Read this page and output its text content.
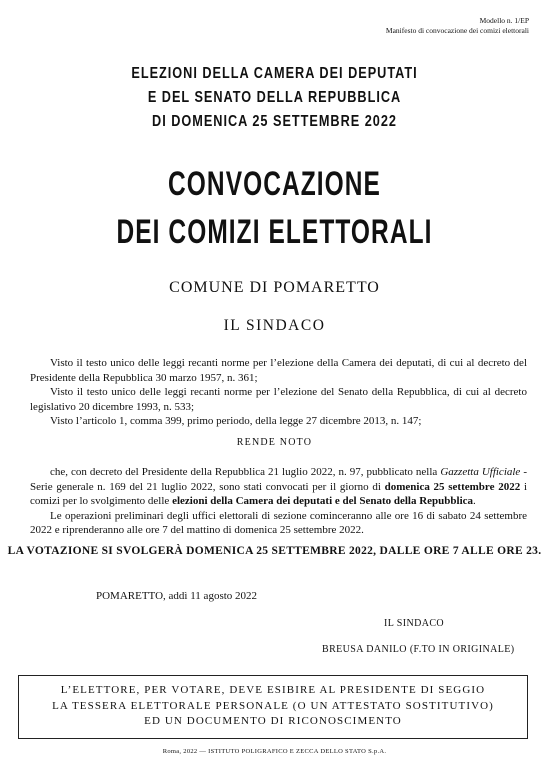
Modello n. 1/EP
Manifesto di convocazione dei comizi elettorali
ELEZIONI DELLA CAMERA DEI DEPUTATI
E DEL SENATO DELLA REPUBBLICA
DI DOMENICA 25 SETTEMBRE 2022
CONVOCAZIONE
DEI COMIZI ELETTORALI
COMUNE DI POMARETTO
IL SINDACO

Visto il testo unico delle leggi recanti norme per l’elezione della Camera dei deputati, di cui al decreto del Presidente della Repubblica 30 marzo 1957, n. 361;

Visto il testo unico delle leggi recanti norme per l’elezione del Senato della Repubblica, di cui al decreto legislativo 20 dicembre 1993, n. 533;

Visto l’articolo 1, comma 399, primo periodo, della legge 27 dicembre 2013, n. 147;

RENDE NOTO

che, con decreto del Presidente della Repubblica 21 luglio 2022, n. 97, pubblicato nella Gazzetta Ufficiale - Serie generale n. 169 del 21 luglio 2022, sono stati convocati per il giorno di domenica 25 settembre 2022 i comizi per lo svolgimento delle elezioni della Camera dei deputati e del Senato della Repubblica.

Le operazioni preliminari degli uffici elettorali di sezione cominceranno alle ore 16 di sabato 24 settembre 2022 e riprenderanno alle ore 7 del mattino di domenica 25 settembre 2022.

LA VOTAZIONE SI SVOLGERÀ DOMENICA 25 SETTEMBRE 2022, DALLE ORE 7 ALLE ORE 23.
POMARETTO, addì 11 agosto 2022
IL SINDACO
BREUSA DANILO (F.TO IN ORIGINALE)
L’ELETTORE, PER VOTARE, DEVE ESIBIRE AL PRESIDENTE DI SEGGIO
LA TESSERA ELETTORALE PERSONALE (O UN ATTESTATO SOSTITUTIVO)
ED UN DOCUMENTO DI RICONOSCIMENTO
Roma, 2022 — ISTITUTO POLIGRAFICO E ZECCA DELLO STATO S.p.A.
